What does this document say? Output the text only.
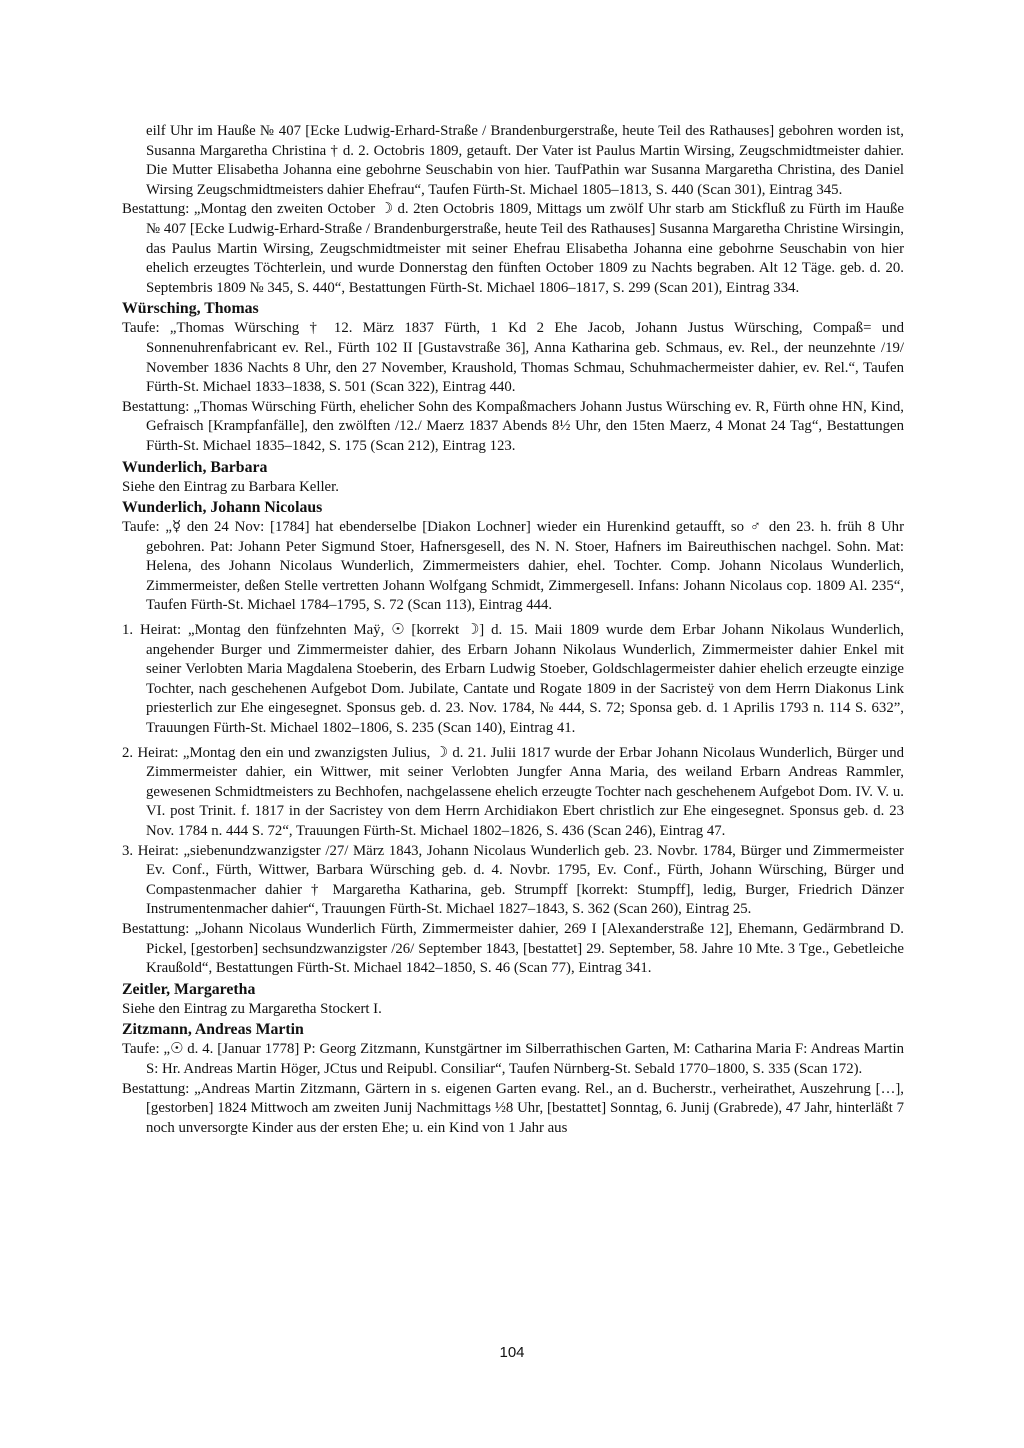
eilf Uhr im Hauße № 407 [Ecke Ludwig-Erhard-Straße / Brandenburgerstraße, heute Teil des Rathauses] gebohren worden ist, Susanna Margaretha Christina † d. 2. Octobris 1809, getauft. Der Vater ist Paulus Martin Wirsing, Zeugschmidtmeister dahier. Die Mutter Elisabetha Johanna eine gebohrne Seuschabin von hier. TaufPathin war Susanna Margaretha Christina, des Daniel Wirsing Zeugschmidtmeisters dahier Ehefrau“, Taufen Fürth-St. Michael 1805–1813, S. 440 (Scan 301), Eintrag 345.

Bestattung: „Montag den zweiten October ☽ d. 2ten Octobris 1809, Mittags um zwölf Uhr starb am Stickfluß zu Fürth im Hauße № 407 [Ecke Ludwig-Erhard-Straße / Brandenburgerstraße, heute Teil des Rathauses] Susanna Margaretha Christine Wirsingin, das Paulus Martin Wirsing, Zeugschmidtmeister mit seiner Ehefrau Elisabetha Johanna eine gebohrne Seuschabin von hier ehelich erzeugtes Töchterlein, und wurde Donnerstag den fünften October 1809 zu Nachts begraben. Alt 12 Täge. geb. d. 20. Septembris 1809 № 345, S. 440“, Bestattungen Fürth-St. Michael 1806–1817, S. 299 (Scan 201), Eintrag 334.

Würsching, Thomas

Taufe: „Thomas Würsching † 12. März 1837 Fürth, 1 Kd 2 Ehe Jacob, Johann Justus Würsching, Compaß= und Sonnenuhrenfabricant ev. Rel., Fürth 102 II [Gustavstraße 36], Anna Katharina geb. Schmaus, ev. Rel., der neunzehnte /19/ November 1836 Nachts 8 Uhr, den 27 November, Kraushold, Thomas Schmau, Schuhmachermeister dahier, ev. Rel.“, Taufen Fürth-St. Michael 1833–1838, S. 501 (Scan 322), Eintrag 440.

Bestattung: „Thomas Würsching Fürth, ehelicher Sohn des Kompaßmachers Johann Justus Würsching ev. R, Fürth ohne HN, Kind, Gefraisch [Krampfanfälle], den zwölften /12./ Maerz 1837 Abends 8½ Uhr, den 15ten Maerz, 4 Monat 24 Tag“, Bestattungen Fürth-St. Michael 1835–1842, S. 175 (Scan 212), Eintrag 123.

Wunderlich, Barbara

Siehe den Eintrag zu Barbara Keller.

Wunderlich, Johann Nicolaus

Taufe: „☿ den 24 Nov: [1784] hat ebenderselbe [Diakon Lochner] wieder ein Hurenkind getaufft, so ♂ den 23. h. früh 8 Uhr gebohren. Pat: Johann Peter Sigmund Stoer, Hafnersgesell, des N. N. Stoer, Hafners im Baireuthischen nachgel. Sohn. Mat: Helena, des Johann Nicolaus Wunderlich, Zimmermeisters dahier, ehel. Tochter. Comp. Johann Nicolaus Wunderlich, Zimmermeister, deßen Stelle vertretten Johann Wolfgang Schmidt, Zimmergesell. Infans: Johann Nicolaus cop. 1809 Al. 235“, Taufen Fürth-St. Michael 1784–1795, S. 72 (Scan 113), Eintrag 444.

1. Heirat: „Montag den fünfzehnten Maÿ, ☉ [korrekt ☽] d. 15. Maii 1809 wurde dem Erbar Johann Nikolaus Wunderlich, angehender Burger und Zimmermeister dahier, des Erbarn Johann Nikolaus Wunderlich, Zimmermeister dahier Enkel mit seiner Verlobten Maria Magdalena Stoeberin, des Erbarn Ludwig Stoeber, Goldschlagermeister dahier ehelich erzeugte einzige Tochter, nach geschehenen Aufgebot Dom. Jubilate, Cantate und Rogate 1809 in der Sacristeÿ von dem Herrn Diakonus Link priesterlich zur Ehe eingesegnet. Sponsus geb. d. 23. Nov. 1784, № 444, S. 72; Sponsa geb. d. 1 Aprilis 1793 n. 114 S. 632”, Trauungen Fürth-St. Michael 1802–1806, S. 235 (Scan 140), Eintrag 41.

2. Heirat: „Montag den ein und zwanzigsten Julius, ☽ d. 21. Julii 1817 wurde der Erbar Johann Nicolaus Wunderlich, Bürger und Zimmermeister dahier, ein Wittwer, mit seiner Verlobten Jungfer Anna Maria, des weiland Erbarn Andreas Rammler, gewesenen Schmidtmeisters zu Bechhofen, nachgelassene ehelich erzeugte Tochter nach geschehenem Aufgebot Dom. IV. V. u. VI. post Trinit. f. 1817 in der Sacristey von dem Herrn Archidiakon Ebert christlich zur Ehe eingesegnet. Sponsus geb. d. 23 Nov. 1784 n. 444 S. 72“, Trauungen Fürth-St. Michael 1802–1826, S. 436 (Scan 246), Eintrag 47.

3. Heirat: „siebenundzwanzigster /27/ März 1843, Johann Nicolaus Wunderlich geb. 23. Novbr. 1784, Bürger und Zimmermeister Ev. Conf., Fürth, Wittwer, Barbara Würsching geb. d. 4. Novbr. 1795, Ev. Conf., Fürth, Johann Würsching, Bürger und Compastenmacher dahier † Margaretha Katharina, geb. Strumpff [korrekt: Stumpff], ledig, Burger, Friedrich Dänzer Instrumentenmacher dahier“, Trauungen Fürth-St. Michael 1827–1843, S. 362 (Scan 260), Eintrag 25.

Bestattung: „Johann Nicolaus Wunderlich Fürth, Zimmermeister dahier, 269 I [Alexanderstraße 12], Ehemann, Gedärmbrand D. Pickel, [gestorben] sechsundzwanzigster /26/ September 1843, [bestattet] 29. September, 58. Jahre 10 Mte. 3 Tge., Gebetleiche Kraußold“, Bestattungen Fürth-St. Michael 1842–1850, S. 46 (Scan 77), Eintrag 341.

Zeitler, Margaretha

Siehe den Eintrag zu Margaretha Stockert I.

Zitzmann, Andreas Martin

Taufe: „☉ d. 4. [Januar 1778] P: Georg Zitzmann, Kunstgärtner im Silberrathischen Garten, M: Catharina Maria F: Andreas Martin S: Hr. Andreas Martin Höger, JCtus und Reipubl. Consiliar“, Taufen Nürnberg-St. Sebald 1770–1800, S. 335 (Scan 172).

Bestattung: „Andreas Martin Zitzmann, Gärtern in s. eigenen Garten evang. Rel., an d. Bucherstr., verheirathet, Auszehrung […], [gestorben] 1824 Mittwoch am zweiten Junij Nachmittags ½8 Uhr, [bestattet] Sonntag, 6. Junij (Grabrede), 47 Jahr, hinterläßt 7 noch unversorgte Kinder aus der ersten Ehe; u. ein Kind von 1 Jahr aus

104
